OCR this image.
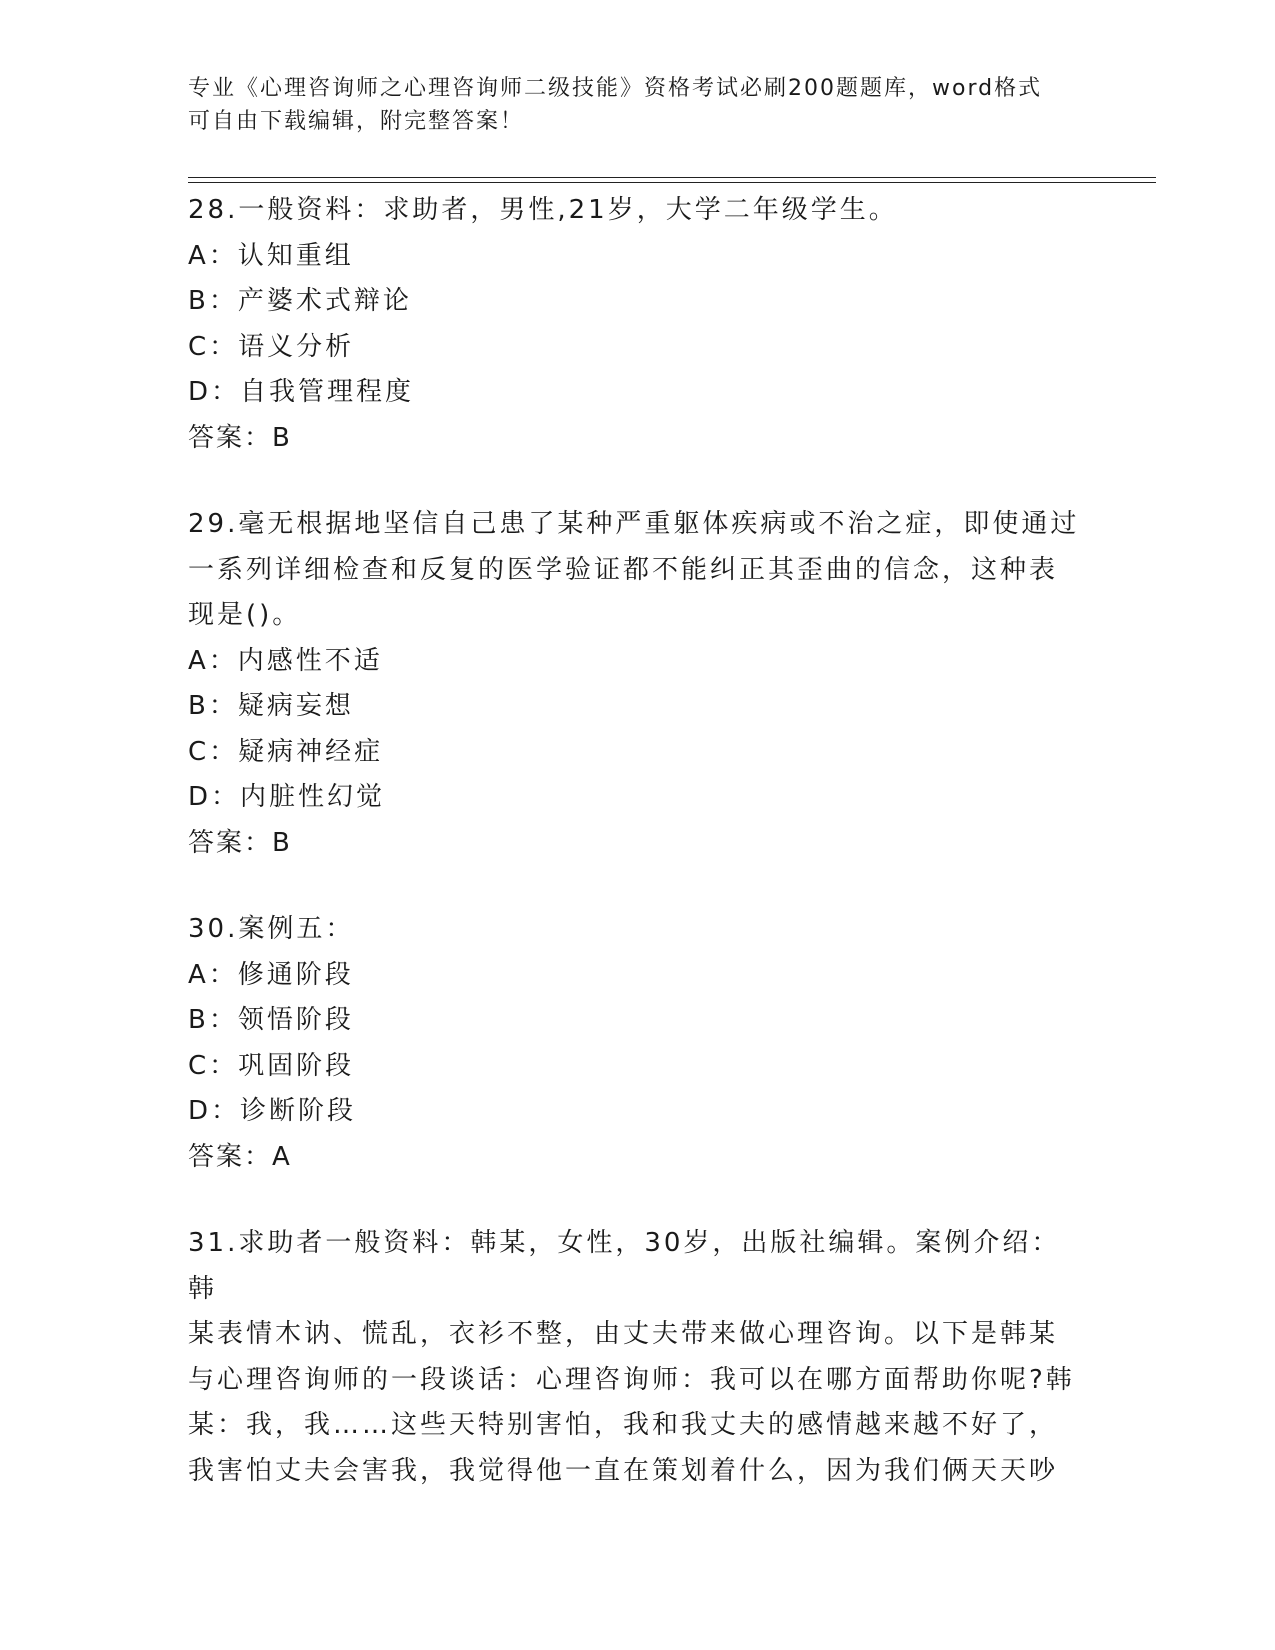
专业《心理咨询师之心理咨询师二级技能》资格考试必刷200题题库，word格式
可自由下载编辑，附完整答案！
28.一般资料：求助者，男性,21岁，大学二年级学生。
A：认知重组
B：产婆术式辩论
C：语义分析
D：自我管理程度
答案：B
29.毫无根据地坚信自己患了某种严重躯体疾病或不治之症，即使通过
一系列详细检查和反复的医学验证都不能纠正其歪曲的信念，这种表
现是()。
A：内感性不适
B：疑病妄想
C：疑病神经症
D：内脏性幻觉
答案：B
30.案例五：
A：修通阶段
B：领悟阶段
C：巩固阶段
D：诊断阶段
答案：A
31.求助者一般资料：韩某，女性，30岁，出版社编辑。案例介绍：韩
某表情木讷、慌乱，衣衫不整，由丈夫带来做心理咨询。以下是韩某
与心理咨询师的一段谈话：心理咨询师：我可以在哪方面帮助你呢?韩
某：我，我……这些天特别害怕，我和我丈夫的感情越来越不好了，
我害怕丈夫会害我，我觉得他一直在策划着什么，因为我们俩天天吵
